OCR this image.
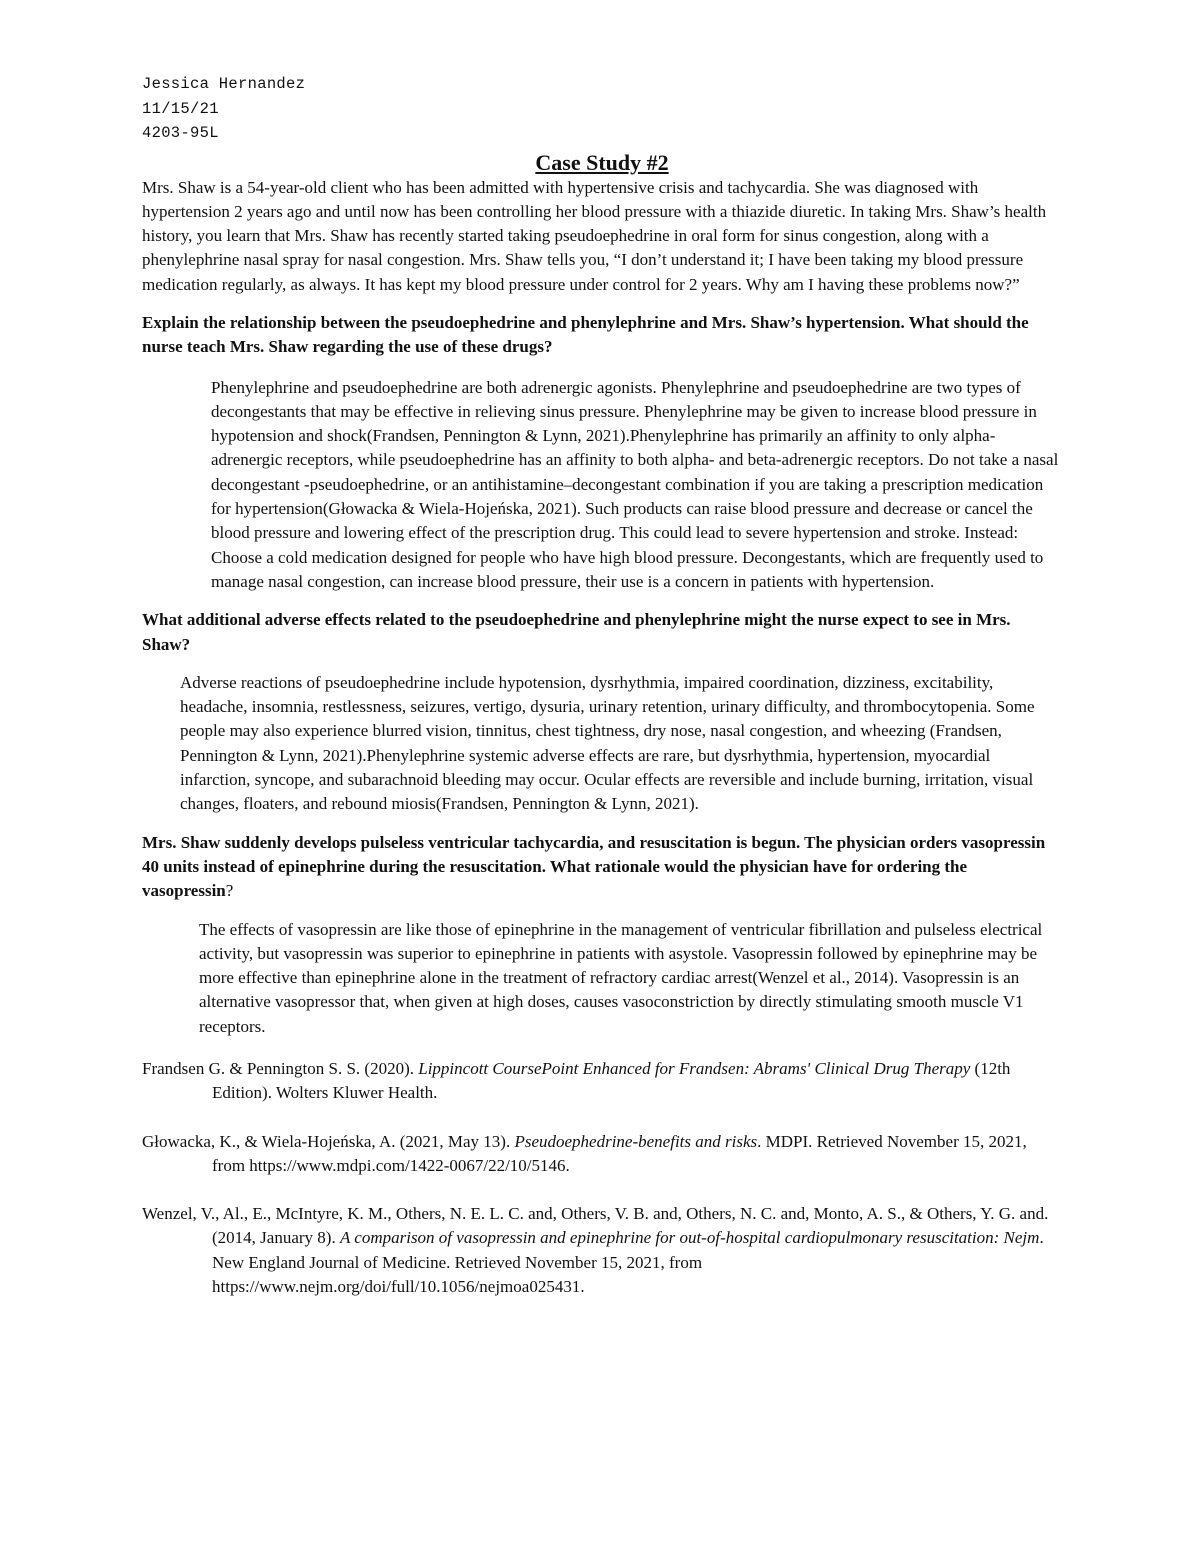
Jessica Hernandez

11/15/21

4203-95L

Case Study #2

Mrs. Shaw is a 54-year-old client who has been admitted with hypertensive crisis and tachycardia. She was diagnosed with hypertension 2 years ago and until now has been controlling her blood pressure with a thiazide diuretic. In taking Mrs. Shaw’s health history, you learn that Mrs. Shaw has recently started taking pseudoephedrine in oral form for sinus congestion, along with a phenylephrine nasal spray for nasal congestion. Mrs. Shaw tells you, “I don’t understand it; I have been taking my blood pressure medication regularly, as always. It has kept my blood pressure under control for 2 years. Why am I having these problems now?”

Explain the relationship between the pseudoephedrine and phenylephrine and Mrs. Shaw’s hypertension. What should the nurse teach Mrs. Shaw regarding the use of these drugs?

Phenylephrine and pseudoephedrine are both adrenergic agonists. Phenylephrine and pseudoephedrine are two types of decongestants that may be effective in relieving sinus pressure. Phenylephrine may be given to increase blood pressure in hypotension and shock(Frandsen, Pennington & Lynn, 2021).Phenylephrine has primarily an affinity to only alpha-adrenergic receptors, while pseudoephedrine has an affinity to both alpha- and beta-adrenergic receptors. Do not take a nasal decongestant -pseudoephedrine, or an antihistamine–decongestant combination if you are taking a prescription medication for hypertension(Głowacka & Wiela-Hojeńska, 2021). Such products can raise blood pressure and decrease or cancel the blood pressure and lowering effect of the prescription drug. This could lead to severe hypertension and stroke. Instead: Choose a cold medication designed for people who have high blood pressure. Decongestants, which are frequently used to manage nasal congestion, can increase blood pressure, their use is a concern in patients with hypertension.

What additional adverse effects related to the pseudoephedrine and phenylephrine might the nurse expect to see in Mrs. Shaw?

Adverse reactions of pseudoephedrine include hypotension, dysrhythmia, impaired coordination, dizziness, excitability, headache, insomnia, restlessness, seizures, vertigo, dysuria, urinary retention, urinary difficulty, and thrombocytopenia. Some people may also experience blurred vision, tinnitus, chest tightness, dry nose, nasal congestion, and wheezing (Frandsen, Pennington & Lynn, 2021).Phenylephrine systemic adverse effects are rare, but dysrhythmia, hypertension, myocardial infarction, syncope, and subarachnoid bleeding may occur. Ocular effects are reversible and include burning, irritation, visual changes, floaters, and rebound miosis(Frandsen, Pennington & Lynn, 2021).

Mrs. Shaw suddenly develops pulseless ventricular tachycardia, and resuscitation is begun. The physician orders vasopressin 40 units instead of epinephrine during the resuscitation. What rationale would the physician have for ordering the vasopressin?

The effects of vasopressin are like those of epinephrine in the management of ventricular fibrillation and pulseless electrical activity, but vasopressin was superior to epinephrine in patients with asystole. Vasopressin followed by epinephrine may be more effective than epinephrine alone in the treatment of refractory cardiac arrest(Wenzel et al., 2014). Vasopressin is an alternative vasopressor that, when given at high doses, causes vasoconstriction by directly stimulating smooth muscle V1 receptors.

Frandsen G. & Pennington S. S. (2020). Lippincott CoursePoint Enhanced for Frandsen: Abrams' Clinical Drug Therapy (12th Edition). Wolters Kluwer Health.

Głowacka, K., & Wiela-Hojeńska, A. (2021, May 13). Pseudoephedrine-benefits and risks. MDPI. Retrieved November 15, 2021, from https://www.mdpi.com/1422-0067/22/10/5146.

Wenzel, V., Al., E., McIntyre, K. M., Others, N. E. L. C. and, Others, V. B. and, Others, N. C. and, Monto, A. S., & Others, Y. G. and. (2014, January 8). A comparison of vasopressin and epinephrine for out-of-hospital cardiopulmonary resuscitation: Nejm. New England Journal of Medicine. Retrieved November 15, 2021, from https://www.nejm.org/doi/full/10.1056/nejmoa025431.
